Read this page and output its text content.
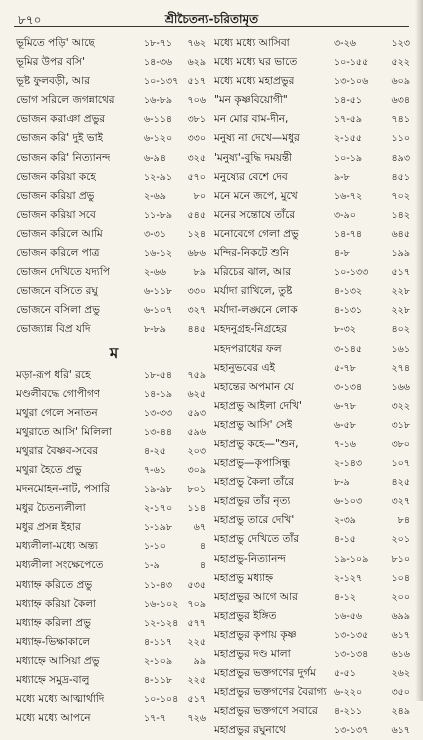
৮৭০	শ্রীচৈতন্য-চরিতামৃত
ভূমিতে পড়ি' আছে	১৮-৭১	৭৬২
ভূমির উপর বসি'	১৪-৩৬	৬২৯
ভূষ্ট ফুলবড়ী, আর	১০-১৩৭ ৫১৭
ভোগ সরিলে জগন্নাথের	১৬-৮৯	৭০৬
ভোজন করাঞা প্রভুর	৬-১১৪	৩৮১
ভোজন করি' দুই ভাই	৬-১২০	৩৩০
ভোজন করি' নিত্যানন্দ	৬-৯৪	৩২৫
ভোজন করিয়া কহে	১২-৯১	৫৭০
ভোজন করিয়া প্রভু	২-৬৯	৮০
ভোজন করিয়া সবে	১১-৮৯	৫৪৫
ভোজন করিলে আমি	৩-৩১	১২৪
ভোজন করিলে পাত্র	১৬-১২	৬৮৬
ভোজন দেখিতে যদ্যপি	২-৬৬	৮৯
ভোজনে বসিতে রঘু	৬-১১৮	৩৩০
ভোজনে বসিলা প্রভু	৬-১০৭	৩২৭
ভোজ্যান্ন বিপ্র যদি	৮-৮৯	৪৪৫
ম
মড়া-রূপ ধরি' রহে	১৮-৫৪	৭৫৯
মণ্ডলীবদ্ধে গোপীগণ	১৪-১৯	৬২৫
মথুরা গেলে সনাতন	১৩-৩৩	৫৯৩
মথুরাতে আসি' মিলিলা	১৩-৪৪	৫৯৬
মথুরার বৈষ্ণব-সবের	৪-২৫	২০৩
মথুরা হৈতে প্রভু	৭-৬১	৩০৯
মদনমোহন-নাট, পসারি	১৯-৯৮	৮০১
মধুর চৈতন্যলীলা	২-১৭০	১১৪
মধুর প্রসন্ন ইহার	১-১৯৮	৬৭
মধ্যলীলা-মধ্যে অন্ত্য	১-১০	৪
মধ্যলীলা সংক্ষেপেতে	১-৯	৪
মধ্যাহ্ন করিতে প্রভু	১১-৪৩	৫৩৫
মধ্যাহ্ন করিয়া কৈলা	১৬-১০২ ৭০৯
মধ্যাহ্ন করিলা প্রভু	১২-১২৪ ৫৭৭
মধ্যাহ্ন-ভিক্ষাকালে	৪-১১৭	২২৫
মধ্যাহ্নে আসিয়া প্রভু	২-১০৯	৯৯
মধ্যাহ্নে সমুদ্র-বালু	৪-১১৮	২২৫
মধ্যে মধ্যে আত্মার্থাদি	১০-১০৪ ৫১৭
মধ্যে মধ্যে আপনে	১৭-৭	৭২৬
মধ্যে মধ্যে আসিবা	৩-২৬	১২৩
মধ্যে মধ্যে ঘর ভাতে	১০-১৫৫	৫২২
মধ্যে মধ্যে মহাপ্রভুর	১৩-১০৬	৬০৯
"মন কৃষ্ণবিয়োগী"	১৪-৫১	৬৩৪
মন মোর বাম-দীন,	১৭-৫৯	৭৪১
মনুষ্য না দেখে—মধুর	২-১৫৫	১১০
'মনুষ্য'-বুদ্ধি দময়ন্তী	১০-১৯	৪৯৩
মনুষ্যের বেশে দেব	৯-৮	৪৫১
মনে মনে জপে, মুখে	১৬-৭২	৭০২
মনের সন্তোষে তাঁরে	৩-৯০	১৪২
মনোবেগে গেলা প্রভু	১৪-৭৪	৬৪৫
মন্দির-নিকটে শুনি	৪-৮	১৯৯
মরিচের ঝাল, আর	১০-১৩৩	৫১৭
মর্যাদা রাখিলে, তুষ্ট	৪-১৩২	২২৮
মর্যাদা-লঙ্ঘনে লোক	৪-১৩১	২২৮
মহদনুগ্রহ-নিগ্রহের	৮-৩২	৪০২
মহদপরাধের ফল	৩-১৪৫	১৬১
মহানুভবের এই	৫-৭৮	২৭৪
মহান্তের অপমান যে	৩-১৩৪	১৬৬
মহাপ্রভু আইলা দেখি'	৬-৭৮	৩২২
মহাপ্রভু আসি' সেই	৬-৫৮	৩১৮
মহাপ্রভু কহে—"শুন,	৭-১৬	৩৮০
মহাপ্রভু—কৃপাসিন্ধু	২-১৪৩	১০৭
মহাপ্রভু কৈলা তাঁরে	৮-৯	৪২৫
মহাপ্রভুর তাঁর নৃত্য	৬-১০৩	৩২৭
মহাপ্রভু তারে দেখি'	২-৩৯	৮৪
মহাপ্রভু দেখিতে তাঁর	৪-১৫	২০১
মহাপ্রভু-নিত্যানন্দ	১৯-১০৯	৮১০
মহাপ্রভু মধ্যাহ্ন	২-১২৭	১০৪
মহাপ্রভুর আগে আর	৪-১২	২০০
মহাপ্রভুর ইঙ্গিত	১৬-৫৬	৬৯৯
মহাপ্রভুর কৃপায় কৃষ্ণ	১৩-১৩৫	৬১৭
মহাপ্রভুর দণ্ড মালা	১৩-১৩৪	৬১৬
মহাপ্রভুর ভক্তগণের দুর্গম ৫-৫১	২৬২
মহাপ্রভুর ভক্তগণের বৈরাগ্য ৬-২২০	৩৫০
মহাপ্রভুর ভক্তগণে সবারে ৪-২১১	২৪৯
মহাপ্রভুর রঘুনাথে	১৩-১৩৭	৬১৭
